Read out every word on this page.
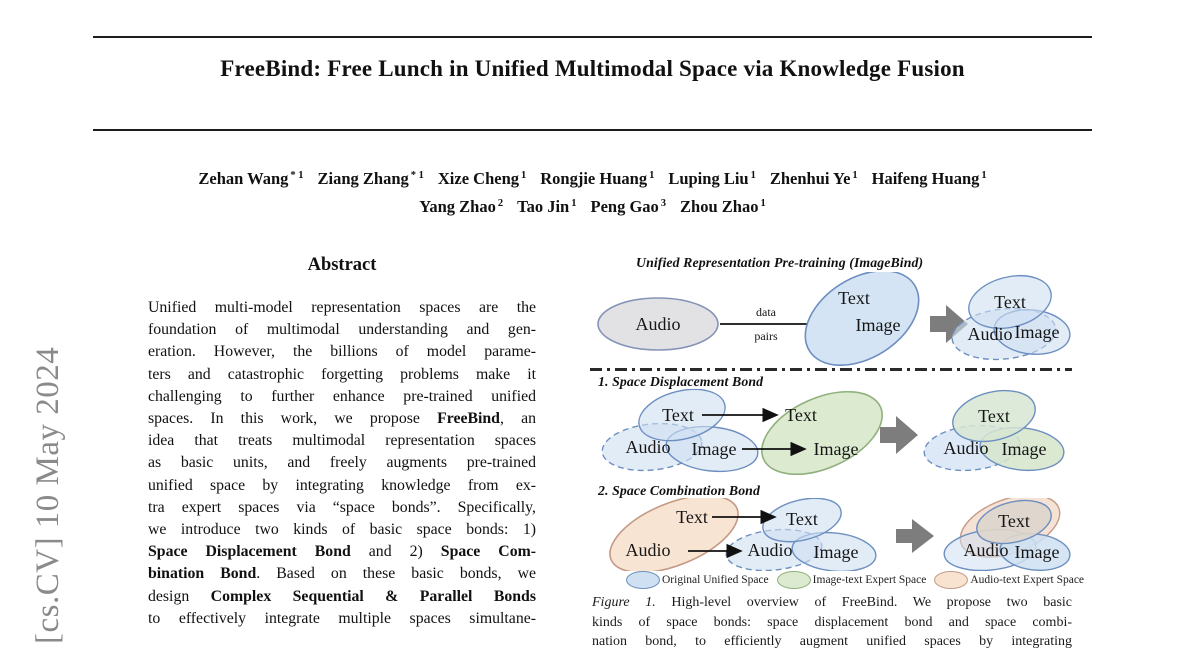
[cs.CV] 10 May 2024
FreeBind: Free Lunch in Unified Multimodal Space via Knowledge Fusion
Zehan Wang $^{* 1}$ Ziang Zhang $^{* 1}$ Xize Cheng $^1$ Rongjie Huang $^1$ Luping Liu $^1$ Zhenhui Ye $^1$ Haifeng Huang $^1$
Yang Zhao $^2$ Tao Jin $^1$ Peng Gao $^3$ Zhou Zhao $^1$
Abstract
Unified multi-model representation spaces are the
foundation of multimodal understanding and gen-
eration. However, the billions of model parame-
ters and catastrophic forgetting problems make it
challenging to further enhance pre-trained unified
spaces. In this work, we propose FreeBind, an
idea that treats multimodal representation spaces
as basic units, and freely augments pre-trained
unified space by integrating knowledge from ex-
tra expert spaces via “space bonds”. Specifically,
we introduce two kinds of basic space bonds: 1)
Space Displacement Bond and 2) Space Com-
bination Bond. Based on these basic bonds, we
design Complex Sequential & Parallel Bonds
to effectively integrate multiple spaces simultane-
Unified Representation Pre-training (ImageBind)
Audio
data
pairs
Text
Image
Text
Audio Image
1. Space Displacement Bond
Text
Audio Image
Text
Image
Text
Audio Image
2. Space Combination Bond
Text
Audio
Text
Audio Image
Text
Audio Image
Original Unified Space	Image-text Expert Space	Audio-text Expert Space
Figure 1. High-level overview of FreeBind. We propose two basic
kinds of space bonds: space displacement bond and space combi-
nation bond, to efficiently augment unified spaces by integrating
